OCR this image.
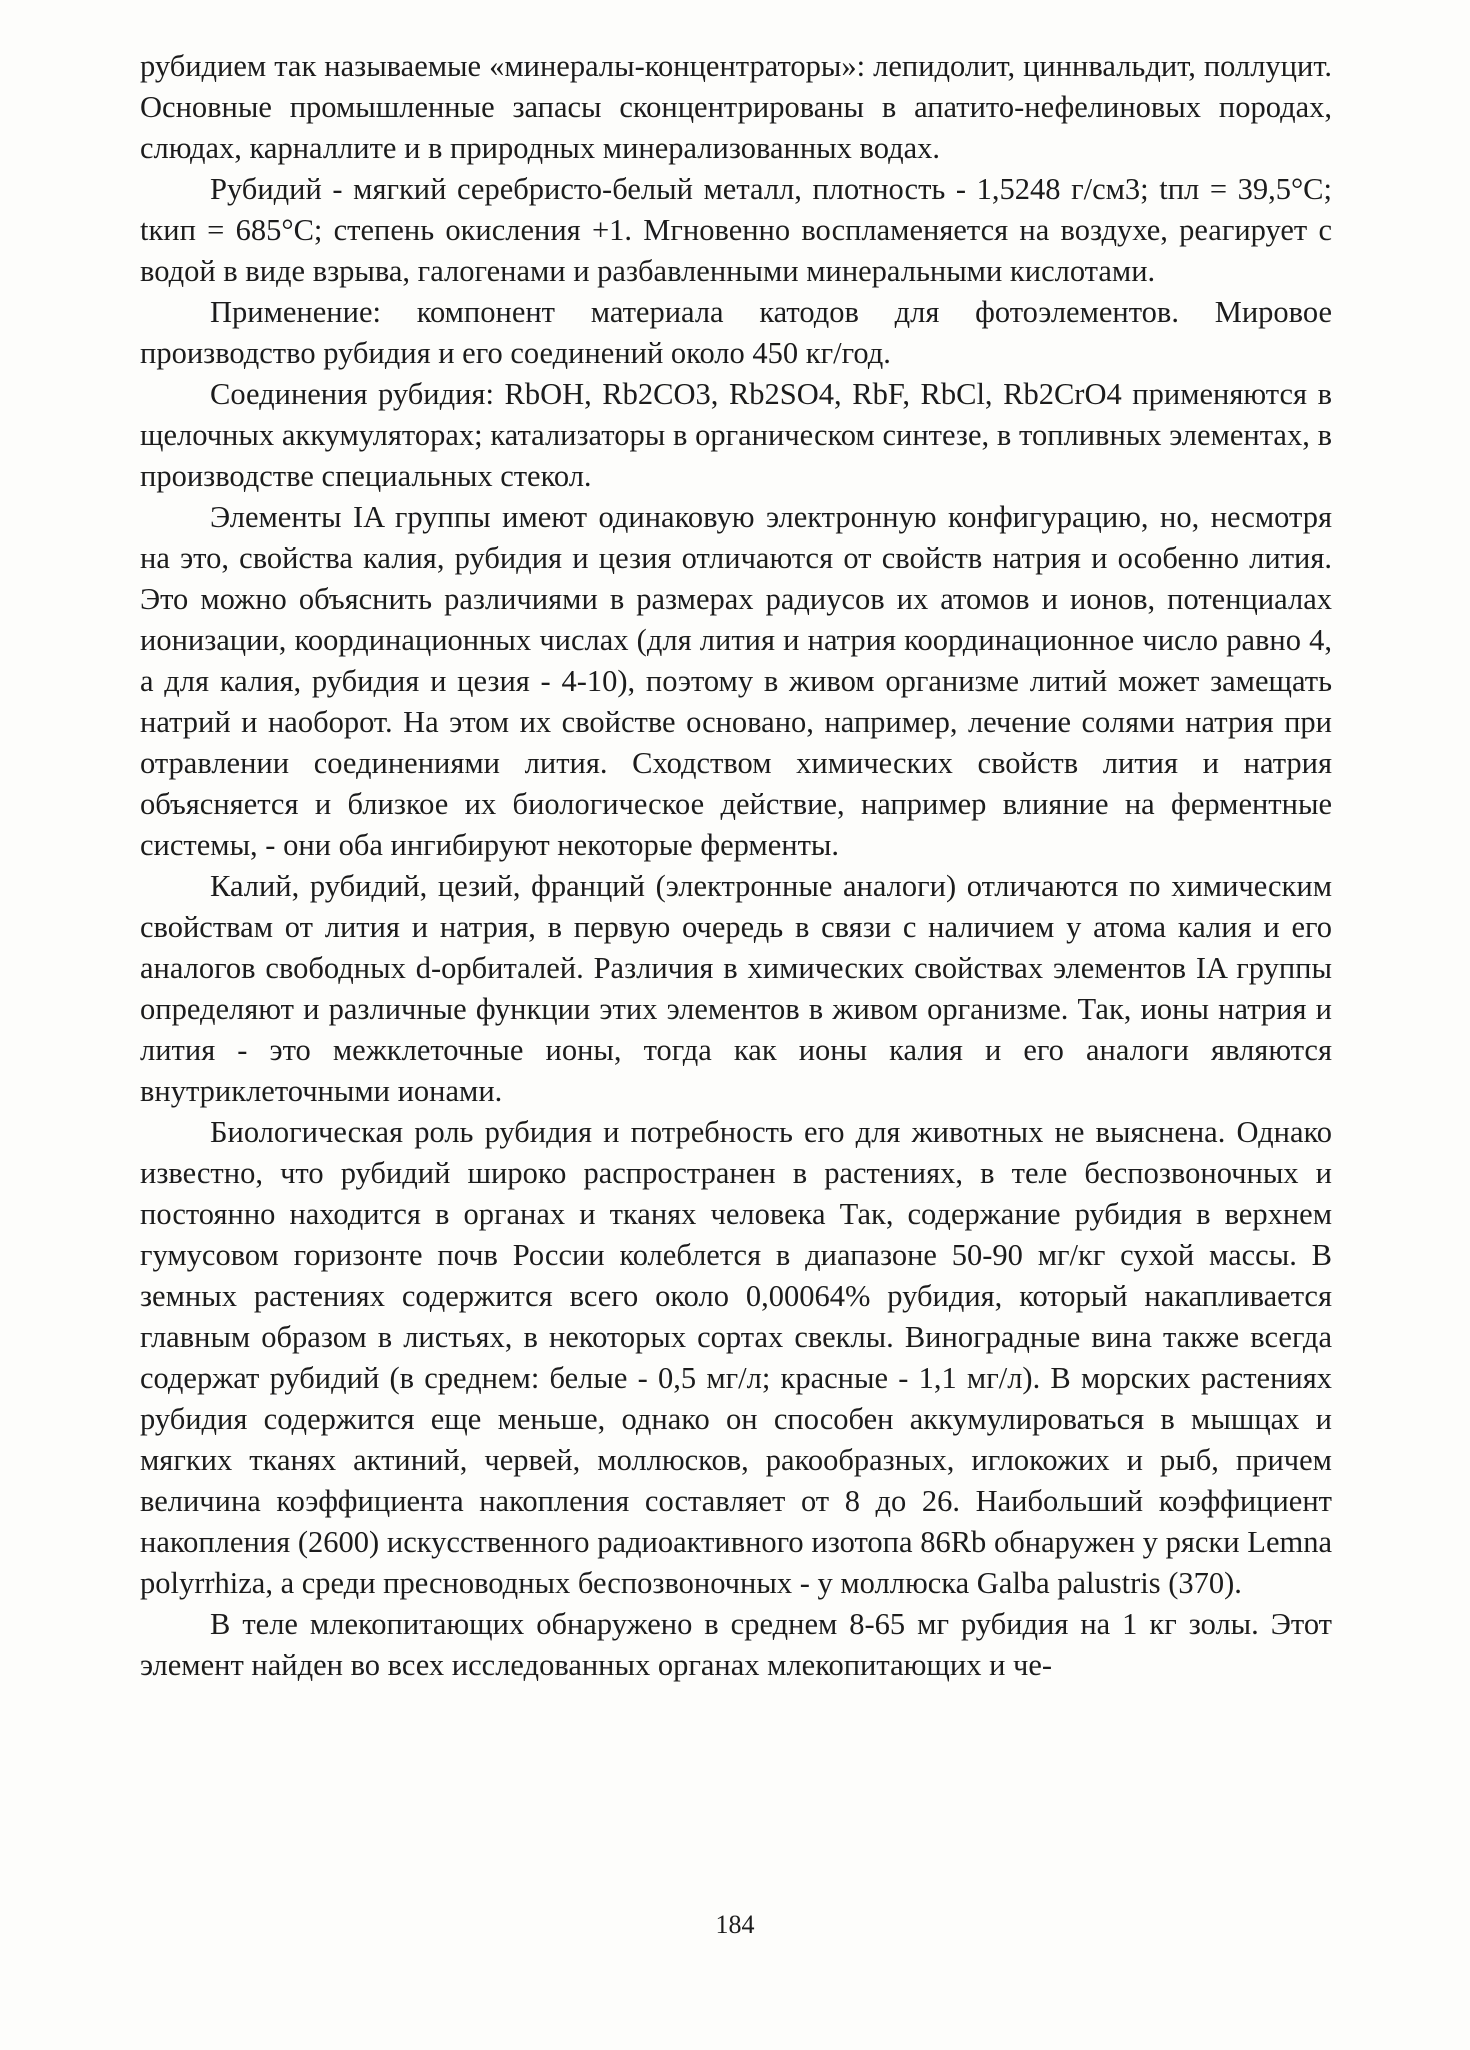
рубидием так называемые «минералы-концентраторы»: лепидолит, циннвальдит, поллуцит. Основные промышленные запасы сконцентрированы в апатито-нефелиновых породах, слюдах, карналлите и в природных минерализованных водах.

Рубидий - мягкий серебристо-белый металл, плотность - 1,5248 г/см3; tпл = 39,5°С; tкип = 685°С; степень окисления +1. Мгновенно воспламеняется на воздухе, реагирует с водой в виде взрыва, галогенами и разбавленными минеральными кислотами.

Применение: компонент материала катодов для фотоэлементов. Мировое производство рубидия и его соединений около 450 кг/год.

Соединения рубидия: RbOH, Rb2CO3, Rb2SO4, RbF, RbCl, Rb2CrO4 применяются в щелочных аккумуляторах; катализаторы в органическом синтезе, в топливных элементах, в производстве специальных стекол.

Элементы IA группы имеют одинаковую электронную конфигурацию, но, несмотря на это, свойства калия, рубидия и цезия отличаются от свойств натрия и особенно лития. Это можно объяснить различиями в размерах радиусов их атомов и ионов, потенциалах ионизации, координационных числах (для лития и натрия координационное число равно 4, а для калия, рубидия и цезия - 4-10), поэтому в живом организме литий может замещать натрий и наоборот. На этом их свойстве основано, например, лечение солями натрия при отравлении соединениями лития. Сходством химических свойств лития и натрия объясняется и близкое их биологическое действие, например влияние на ферментные системы, - они оба ингибируют некоторые ферменты.

Калий, рубидий, цезий, франций (электронные аналоги) отличаются по химическим свойствам от лития и натрия, в первую очередь в связи с наличием у атома калия и его аналогов свободных d-орбиталей. Различия в химических свойствах элементов IA группы определяют и различные функции этих элементов в живом организме. Так, ионы натрия и лития - это межклеточные ионы, тогда как ионы калия и его аналоги являются внутриклеточными ионами.

Биологическая роль рубидия и потребность его для животных не выяснена. Однако известно, что рубидий широко распространен в растениях, в теле беспозвоночных и постоянно находится в органах и тканях человека Так, содержание рубидия в верхнем гумусовом горизонте почв России колеблется в диапазоне 50-90 мг/кг сухой массы. В земных растениях содержится всего около 0,00064% рубидия, который накапливается главным образом в листьях, в некоторых сортах свеклы. Виноградные вина также всегда содержат рубидий (в среднем: белые - 0,5 мг/л; красные - 1,1 мг/л). В морских растениях рубидия содержится еще меньше, однако он способен аккумулироваться в мышцах и мягких тканях актиний, червей, моллюсков, ракообразных, иглокожих и рыб, причем величина коэффициента накопления составляет от 8 до 26. Наибольший коэффициент накопления (2600) искусственного радиоактивного изотопа 86Rb обнаружен у ряски Lemna polyrrhiza, а среди пресноводных беспозвоночных - у моллюска Galba palustris (370).

В теле млекопитающих обнаружено в среднем 8-65 мг рубидия на 1 кг золы. Этот элемент найден во всех исследованных органах млекопитающих и че-

184
